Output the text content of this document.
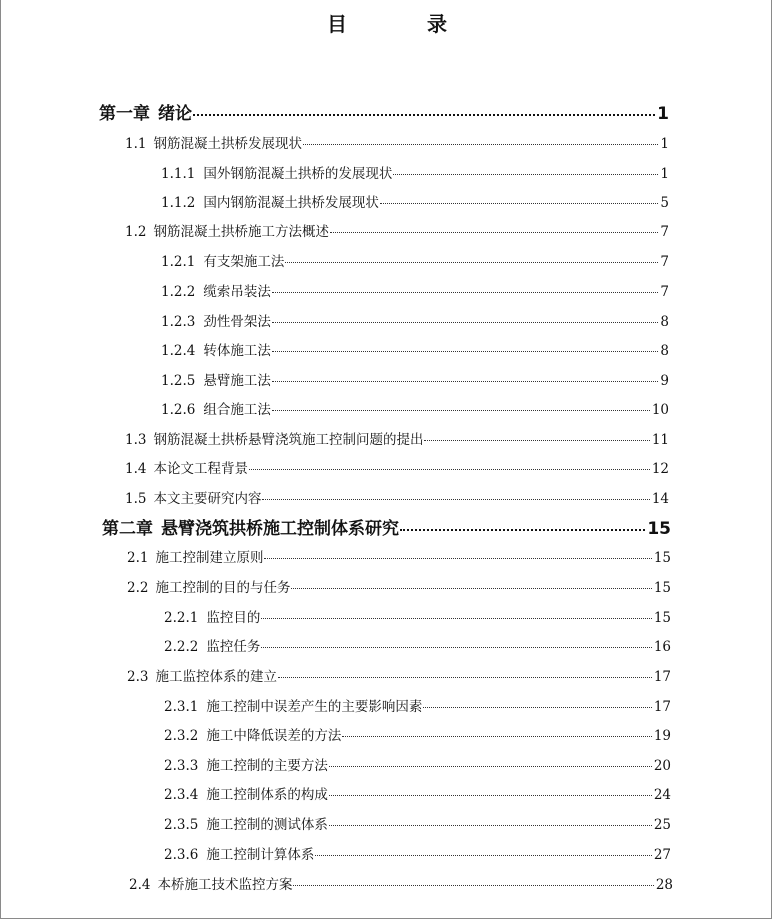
目　录
第一章 绪论	1
1.1 钢筋混凝土拱桥发展现状	1
1.1.1 国外钢筋混凝土拱桥的发展现状	1
1.1.2 国内钢筋混凝土拱桥发展现状	5
1.2 钢筋混凝土拱桥施工方法概述	7
1.2.1 有支架施工法	7
1.2.2 缆索吊装法	7
1.2.3 劲性骨架法	8
1.2.4 转体施工法	8
1.2.5 悬臂施工法	9
1.2.6 组合施工法	10
1.3 钢筋混凝土拱桥悬臂浇筑施工控制问题的提出	11
1.4 本论文工程背景	12
1.5 本文主要研究内容	14
第二章 悬臂浇筑拱桥施工控制体系研究	15
2.1 施工控制建立原则	15
2.2 施工控制的目的与任务	15
2.2.1 监控目的	15
2.2.2 监控任务	16
2.3 施工监控体系的建立	17
2.3.1 施工控制中误差产生的主要影响因素	17
2.3.2 施工中降低误差的方法	19
2.3.3 施工控制的主要方法	20
2.3.4 施工控制体系的构成	24
2.3.5 施工控制的测试体系	25
2.3.6 施工控制计算体系	27
2.4 本桥施工技术监控方案	28
